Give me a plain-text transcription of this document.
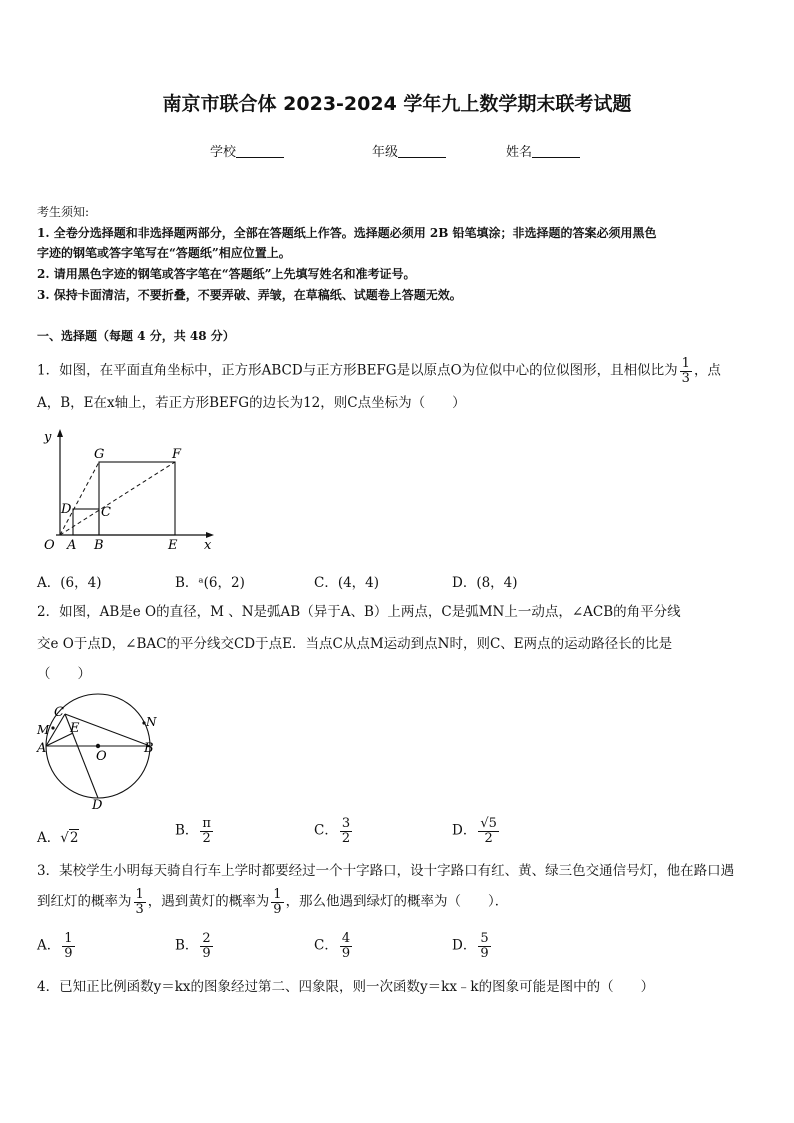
南京市联合体 2023-2024 学年九上数学期末联考试题
学校	年级	姓名
考生须知:
1. 全卷分选择题和非选择题两部分，全部在答题纸上作答。选择题必须用 2B 铅笔填涂；非选择题的答案必须用黑色
字迹的钢笔或答字笔写在“答题纸”相应位置上。
2. 请用黑色字迹的钢笔或答字笔在“答题纸”上先填写姓名和准考证号。
3. 保持卡面清洁，不要折叠，不要弄破、弄皱，在草稿纸、试题卷上答题无效。
一、选择题（每题 4 分，共 48 分）
1．如图，在平面直角坐标中，正方形ABCD与正方形BEFG是以原点O为位似中心的位似图形，且相似比为 $\frac{1}{3}$ ，点
A，B，E在x轴上，若正方形BEFG的边长为12，则C点坐标为（　　）
y
x
O A B	E
D C
G	F
A．(6，4)	B．ᵃ(6，2)	C．(4，4)	D．(8，4)
2．如图，AB是e O的直径，M 、N是弧AB（异于A、B）上两点，C是弧MN上一动点，∠ACB的角平分线
交e O于点D，∠BAC的平分线交CD于点E．当点C从点M运动到点N时，则C、E两点的运动路径长的比是
（　　）
C
M
A
E
O
N
B
D
A．√2	B． $\frac{\pi}{2}$	C． $\frac{3}{2}$	D． $\frac{√5}{2}$
3．某校学生小明每天骑自行车上学时都要经过一个十字路口，设十字路口有红、黄、绿三色交通信号灯，他在路口遇
到红灯的概率为 $\frac{1}{3}$ ，遇到黄灯的概率为 $\frac{1}{9}$ ，那么他遇到绿灯的概率为（　　）．
A． $\frac{1}{9}$	B． $\frac{2}{9}$	C． $\frac{4}{9}$	D． $\frac{5}{9}$
4．已知正比例函数y＝kx的图象经过第二、四象限，则一次函数y＝kx﹣k的图象可能是图中的（　　）
